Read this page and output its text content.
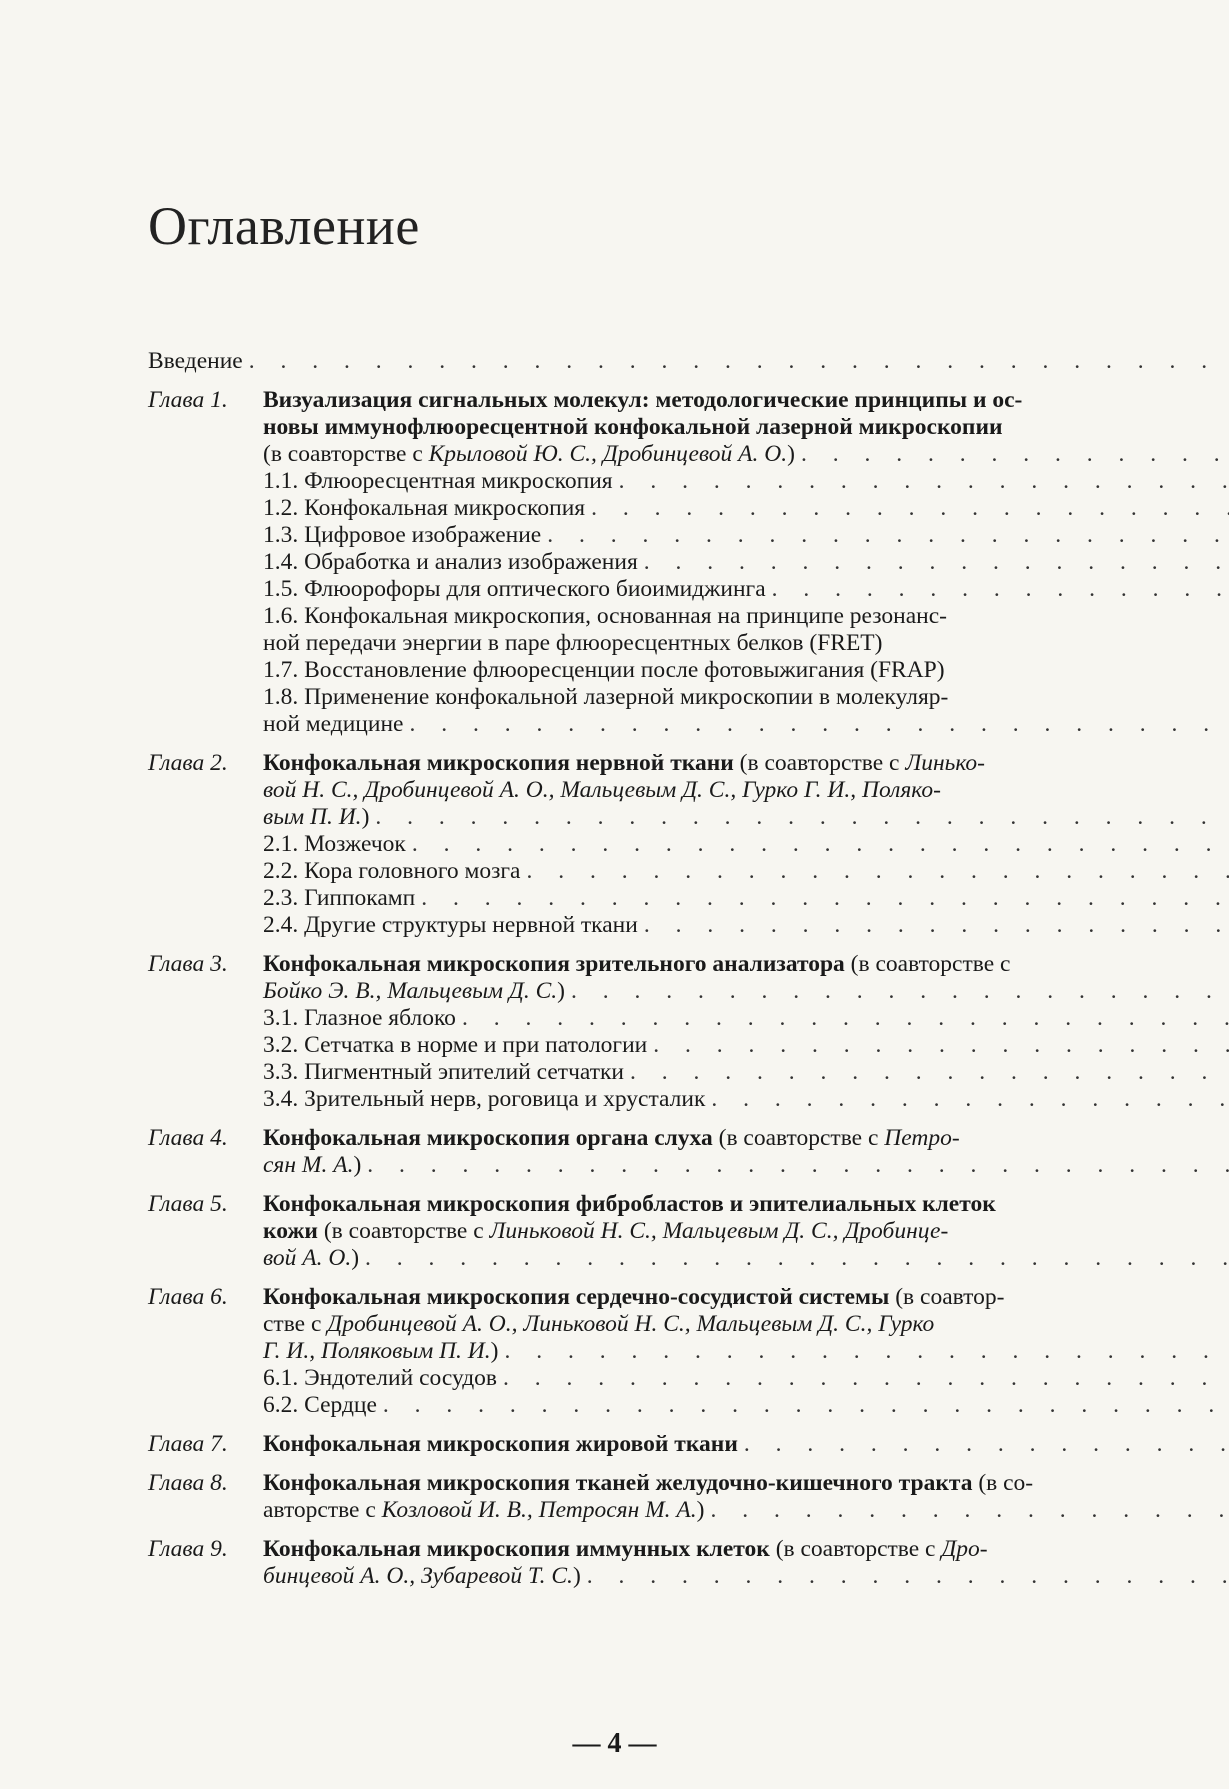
Оглавление
Введение
. . .
Глава 1.	Визуализация сигнальных молекул: методологические принципы и ос-
новы иммунофлюоресцентной конфокальной лазерной микроскопии
(в соавторстве с Крыловой Ю. С., Дробинцевой А. О.)
. . .
1.1. Флюоресцентная микроскопия
. . .
1.2. Конфокальная микроскопия
. . .
1.3. Цифровое изображение
. . .
1.4. Обработка и анализ изображения
. . .
1.5. Флюорофоры для оптического биоимиджинга
. . .
1.6. Конфокальная микроскопия, основанная на принципе резонанс-
ной передачи энергии в паре флюоресцентных белков (FRET)
1.7. Восстановление флюоресценции после фотовыжигания (FRAP)
1.8. Применение конфокальной лазерной микроскопии в молекуляр-
ной медицине
. . .
Глава 2.	Конфокальная микроскопия нервной ткани (в соавторстве с Линько-
вой Н. С., Дробинцевой А. О., Мальцевым Д. С., Гурко Г. И., Поляко-
вым П. И.)
. . .
2.1. Мозжечок
. . .
2.2. Кора головного мозга
. . .
2.3. Гиппокамп
. . .
2.4. Другие структуры нервной ткани
. . .
Глава 3.	Конфокальная микроскопия зрительного анализатора (в соавторстве с
Бойко Э. В., Мальцевым Д. С.)
. . .
3.1. Глазное яблоко
. . .
3.2. Сетчатка в норме и при патологии
. . .
3.3. Пигментный эпителий сетчатки
. . .
3.4. Зрительный нерв, роговица и хрусталик
. . .
Глава 4.	Конфокальная микроскопия органа слуха (в соавторстве с Петро-
сян М. А.)
. . .
Глава 5.	Конфокальная микроскопия фибробластов и эпителиальных клеток
кожи (в соавторстве с Линьковой Н. С., Мальцевым Д. С., Дробинце-
вой А. О.)
. . .
Глава 6.	Конфокальная микроскопия сердечно-сосудистой системы (в соавтор-
стве с Дробинцевой А. О., Линьковой Н. С., Мальцевым Д. С., Гурко
Г. И., Поляковым П. И.)
. . .
6.1. Эндотелий сосудов
. . .
6.2. Сердце
. . .
Глава 7.	Конфокальная микроскопия жировой ткани
. . .
Глава 8.	Конфокальная микроскопия тканей желудочно-кишечного тракта (в со-
авторстве с Козловой И. В., Петросян М. А.)
. . .
Глава 9.	Конфокальная микроскопия иммунных клеток (в соавторстве с Дро-
бинцевой А. О., Зубаревой Т. С.)
. . .
— 4 —
